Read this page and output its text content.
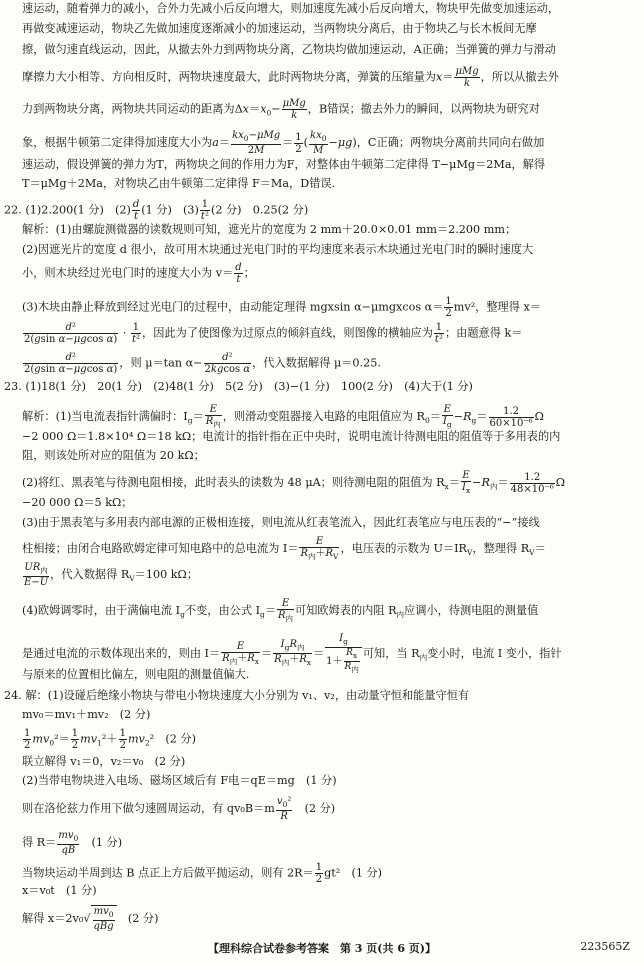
速运动，随着弹力的减小，合外力先减小后反向增大，则加速度先减小后反向增大，物块甲先做变加速运动，
再做变减速运动，物块乙先做加速度逐渐减小的加速运动，当两物块分离后，由于物块乙与长木板间无摩
擦，做匀速直线运动，因此，从撤去外力到两物块分离，乙物块均做加速运动，A正确；当弹簧的弹力与滑动
摩擦力大小相等、方向相反时，两物块速度最大，此时两物块分离，弹簧的压缩量为x＝ μMg
k ，所以从撤去外
力到两物块分离，两物块共同运动的距离为$\Delta x=x_0- \mu Mg$
k ，B错误；撤去外力的瞬间，以两物块为研究对
象，根据牛顿第二定律得加速度大小为a＝
$kx_0-\mu Mg$
2M
＝ $\frac{1}{2}$ ( $\frac{kx_0}{M} -\mu g$)，C正确；两物块分离前共同向右做加
速运动，假设弹簧的弹力为T，两物块之间的作用力为F，对整体由牛顿第二定律得 T−μMg＝2Ma，解得
T＝μMg＋2Ma，对物块乙由牛顿第二定律得 F＝Ma，D错误.
22. (1)2.200(1 分)　$(2) \frac{d}{t} (1$ 分)　$(3) \frac{1}{\text{t²}} (2$ 分)　0.25(2 分)
解析：(1)由螺旋测微器的读数规则可知，遮光片的宽度为 2 mm＋20.0×0.01 mm＝2.200 mm；
(2)因遮光片的宽度 d 很小，故可用木块通过光电门时的平均速度来表示木块通过光电门时的瞬时速度大
小，则木块经过光电门时的速度大小为 $v= \frac{d}{t}$ ；
(3)木块由静止释放到经过光电门的过程中，由动能定理得 mgxsin α−μmgxcos $\alpha= \frac{1}{2} mv^2$，整理得 x＝
$\frac{\text{d²}}{\text{2(gsin α−μgcos α)}} \cdot \frac{1}{\text{t²}}$ ，因此为了使图像为过原点的倾斜直线，则图像的横轴应为 $\frac{1}{\text{t²}}$ ；由题意得 k＝
$\frac{\text{d²}}{\text{2(gsin α−μgcos α)}}$ ，则 μ＝tan $\alpha- \frac{\text{d²}}{\text{2kgcos α}}$ ，代入数据解得 μ＝0.25.
23. (1)18(1 分)　20(1 分)　(2)48(1 分)　5(2 分)　(3)−(1 分)　100(2 分)　(4)大于(1 分)
解析：(1)当电流表指针满偏时：$I_g=$
E
$R_内$
，则滑动变阻器接入电路的电阻值应为 $R_0= \frac{E}{I_g} -R_g= \frac{1.2}{\text{60×10⁻⁶}}$ Ω
−2 000 Ω＝1.8×10⁴ Ω＝18 kΩ；电流计的指针指在正中央时，说明电流计待测电阻的阻值等于多用表的内
阻，则该处所对应的阻值为 20 kΩ；
(2)将红、黑表笔与待测电阻相接，此时表头的读数为 48 μA；则待测电阻的阻值为 $R_x= \frac{E}{I_x} -R_内= \frac{1.2}{\text{48×10⁻⁶}}$ Ω
−20 000 Ω＝5 kΩ；
(3)由于黑表笔与多用表内部电源的正极相连接，则电流从红表笔流入，因此红表笔应与电压表的“−”接线
柱相接；由闭合电路欧姆定律可知电路中的总电流为 I＝
E
$R_内+R_V$
，电压表的示数为 $U=IR_V$，整理得 $R_V=$
$UR_内$
E−U
，代入数据得 $R_V=100$ kΩ；
(4)欧姆调零时，由于满偏电流 $I_g$不变，由公式 $I_g=$
E
$R_内$
可知欧姆表的内阻 $R_内$应调小，待测电阻的测量值
是通过电流的示数体现出来的，则由 I＝
E
$R_内+R_x$
＝
$I_gR_内$
$R_内+R_x$
＝
$I_g$
1＋
$R_x$
$R_内$
可知，当 $R_内$变小时，电流 I 变小，指针
与原来的位置相比偏左，则电阻的测量值偏大.
24. 解：(1)设碰后绝缘小物块与带电小物块速度大小分别为 v₁、v₂，由动量守恒和能量守恒有
mv₀＝mv₁＋mv₂　(2 分)
$\frac{1}{2} mv_0^2= \frac{1}{2} mv_1^2+ \frac{1}{2} mv_2^2$　(2 分)
联立解得 v₁＝0，v₂＝v₀　(2 分)
(2)当带电物块进入电场、磁场区域后有 F电＝qE＝mg　(1 分)
则在洛伦兹力作用下做匀速圆周运动，有 $qv_0B=m \frac{v_0^2}{R}$
　 (2 分)
得 $R= \frac{mv_0}{qB}$
　 (1 分)
当物块运动半周到达 B 点正上方后做平抛运动，则有 $2R= \frac{1}{2} gt^2$　(1 分)
x＝v₀t　(1 分)
解得 x＝2v₀√
$mv_0$
qBg
　(2 分)
【理科综合试卷参考答案　第 3 页(共 6 页)】	223565Z
